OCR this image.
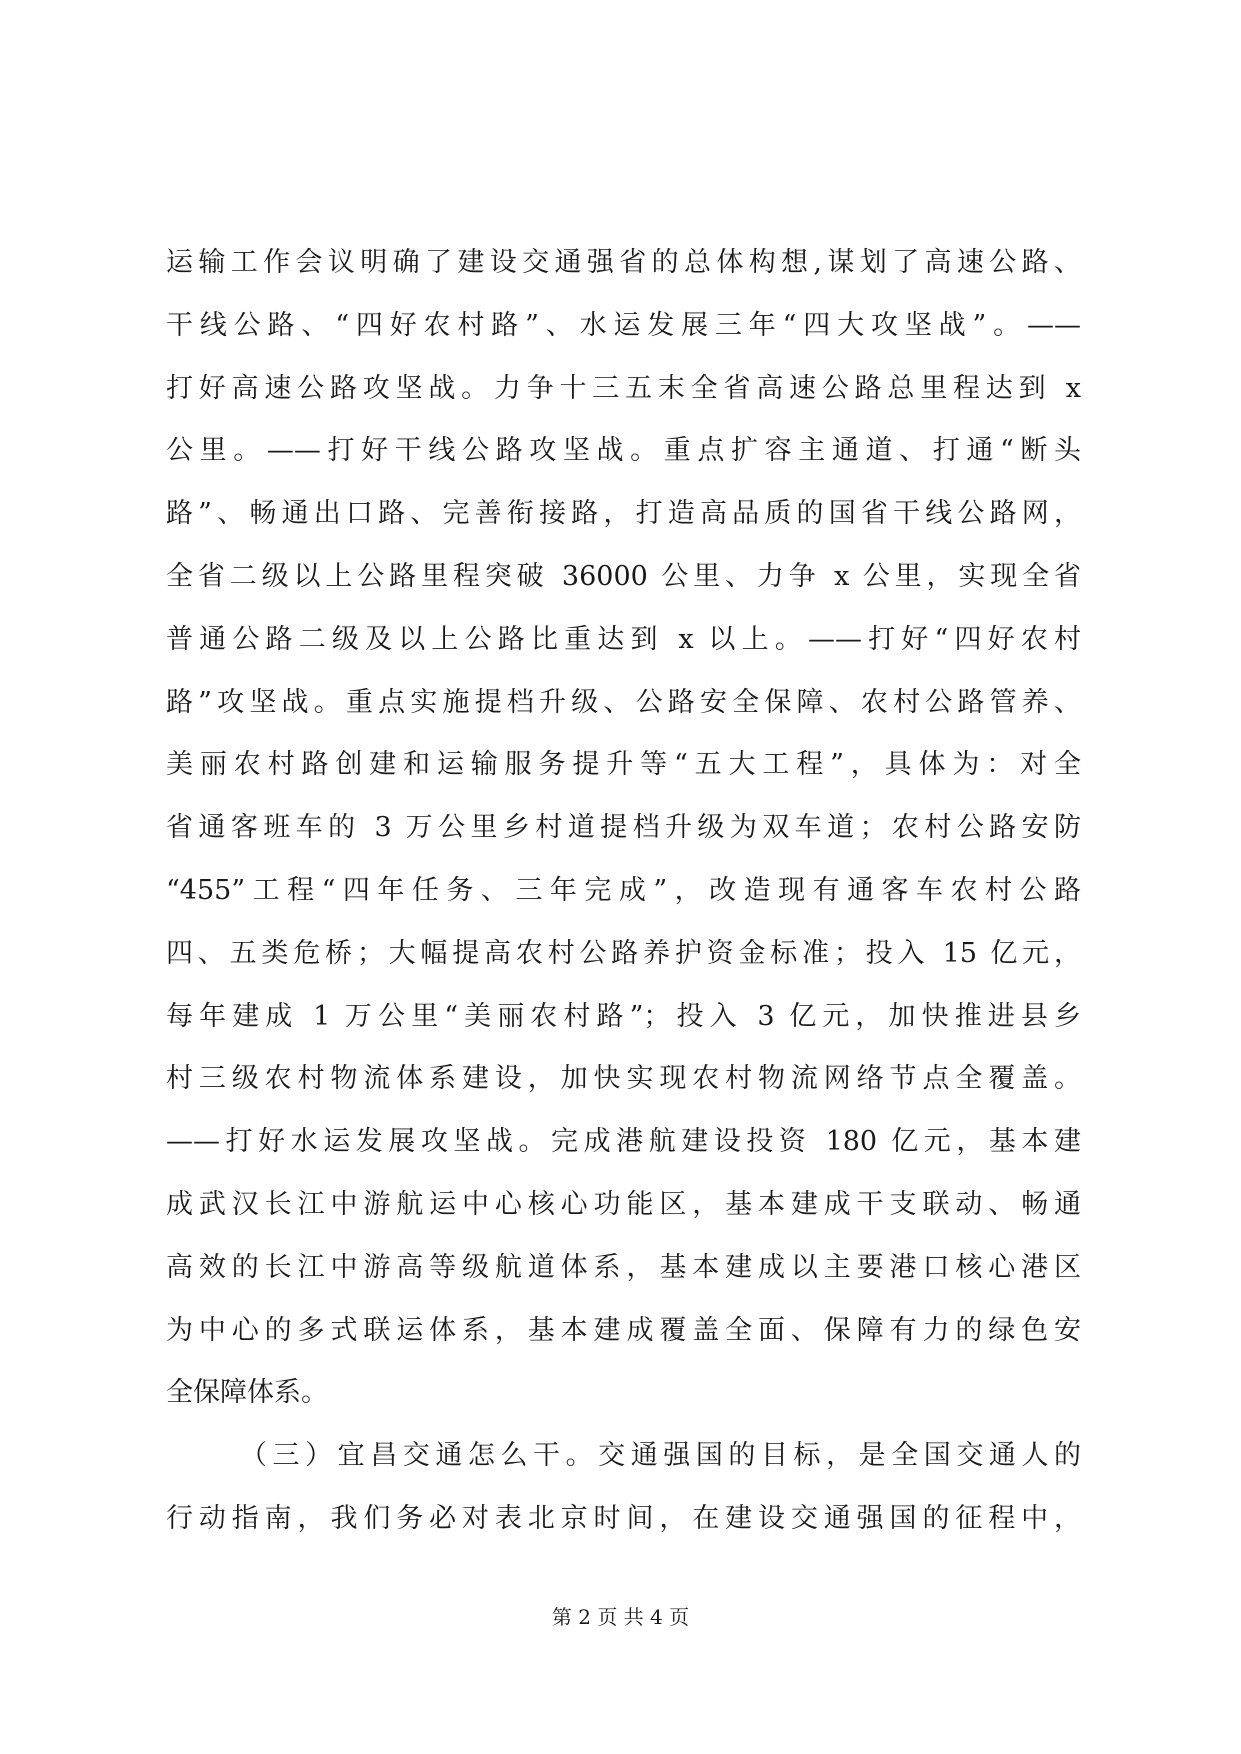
运输工作会议明确了建设交通强省的总体构想,谋划了高速公路、
干线公路、“四好农村路”、水运发展三年“四大攻坚战”。——
打好高速公路攻坚战。力争十三五末全省高速公路总里程达到 x
公里。——打好干线公路攻坚战。重点扩容主通道、打通“断头
路”、畅通出口路、完善衔接路，打造高品质的国省干线公路网，
全省二级以上公路里程突破 36000 公里、力争 x 公里，实现全省
普通公路二级及以上公路比重达到 x 以上。——打好“四好农村
路”攻坚战。重点实施提档升级、公路安全保障、农村公路管养、
美丽农村路创建和运输服务提升等“五大工程”，具体为：对全
省通客班车的 3 万公里乡村道提档升级为双车道；农村公路安防
“455”工程“四年任务、三年完成”，改造现有通客车农村公路
四、五类危桥；大幅提高农村公路养护资金标准；投入 15 亿元，
每年建成 1 万公里“美丽农村路”；投入 3 亿元，加快推进县乡
村三级农村物流体系建设，加快实现农村物流网络节点全覆盖。
——打好水运发展攻坚战。完成港航建设投资 180 亿元，基本建
成武汉长江中游航运中心核心功能区，基本建成干支联动、畅通
高效的长江中游高等级航道体系，基本建成以主要港口核心港区
为中心的多式联运体系，基本建成覆盖全面、保障有力的绿色安
全保障体系。
（三）宜昌交通怎么干。交通强国的目标，是全国交通人的
行动指南，我们务必对表北京时间，在建设交通强国的征程中，
第 2 页 共 4 页
